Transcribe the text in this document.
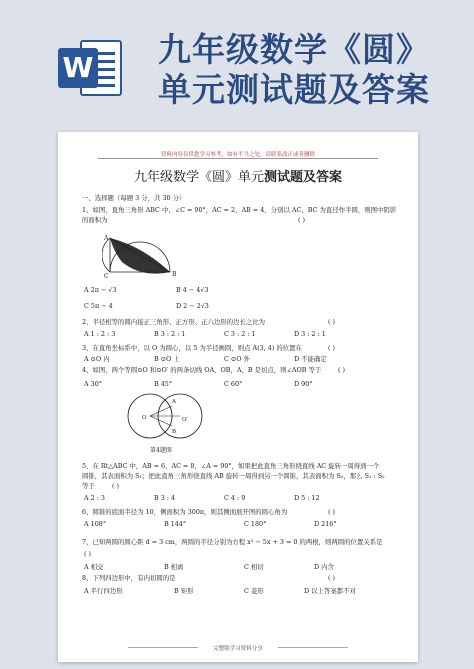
W 九年级数学《圆》
单元测试题及答案
资料内容仅供您学习参考，如有不当之处，请联系改正或者删除
九年级数学《圆》单元测试题及答案
一、选择题（每题 3 分，共 30 分）
1、如图，直角三角形 ABC 中，∠C = 90°，AC = 2，AB = 4，分别以 AC、BC 为直径作半圆，则图中阴影
的面积为	( )
A
B
C
A 2π − √3	B 4 − 4√3
C 5π − 4	D 2 − 2√3
2、半径相等的圆内接正三角形、正方形、正六边形的边长之比为	( )
A 1 : 2 : 3	B 3 : 2 : 1	C 3 : 2 : 1	D 3 : 2 : 1
3、在直角坐标系中，以 O 为圆心，以 5 为半径画圆，则点 A(3, 4) 的位置在	( )
A ⊙O 内	B ⊙O 上	C ⊙O 外	D 不能确定
4、如图，两个等圆⊙O 和⊙O′ 的两条切线 OA、OB，A、B 是切点，则∠AOB 等于	( )
A 30°	B 45°	C 60°	D 90°
O	O′
A
B
第4题图
5、在 Rt△ABC 中，AB = 6，AC = 8，∠A = 90°，如果把此直角三角形绕直线 AC 旋转一周得到一个
圆锥，其表面积为 S₁；把此直角三角形绕直线 AB 旋转一周得到另一个圆锥，其表面积为 S₂，那么 S₁ : S₂
等于	( )
A 2 : 3	B 3 : 4	C 4 : 9	D 5 : 12
6、圆锥的底面半径为 10，侧面积为 300π，则其侧面展开图的圆心角为	( )
A 108°	B 144°	C 180°	D 216°
7、已知两圆的圆心距 d = 3 cm，两圆的半径分别为方程 x² − 5x + 3 = 0 的两根，则两圆的位置关系是
( )
A 相交	B 相离	C 相切	D 内含
8、下列四边形中，有内切圆的是	( )
A 平行四边形	B 矩形	C 菱形	D 以上答案都不对
完整版学习资料分享
